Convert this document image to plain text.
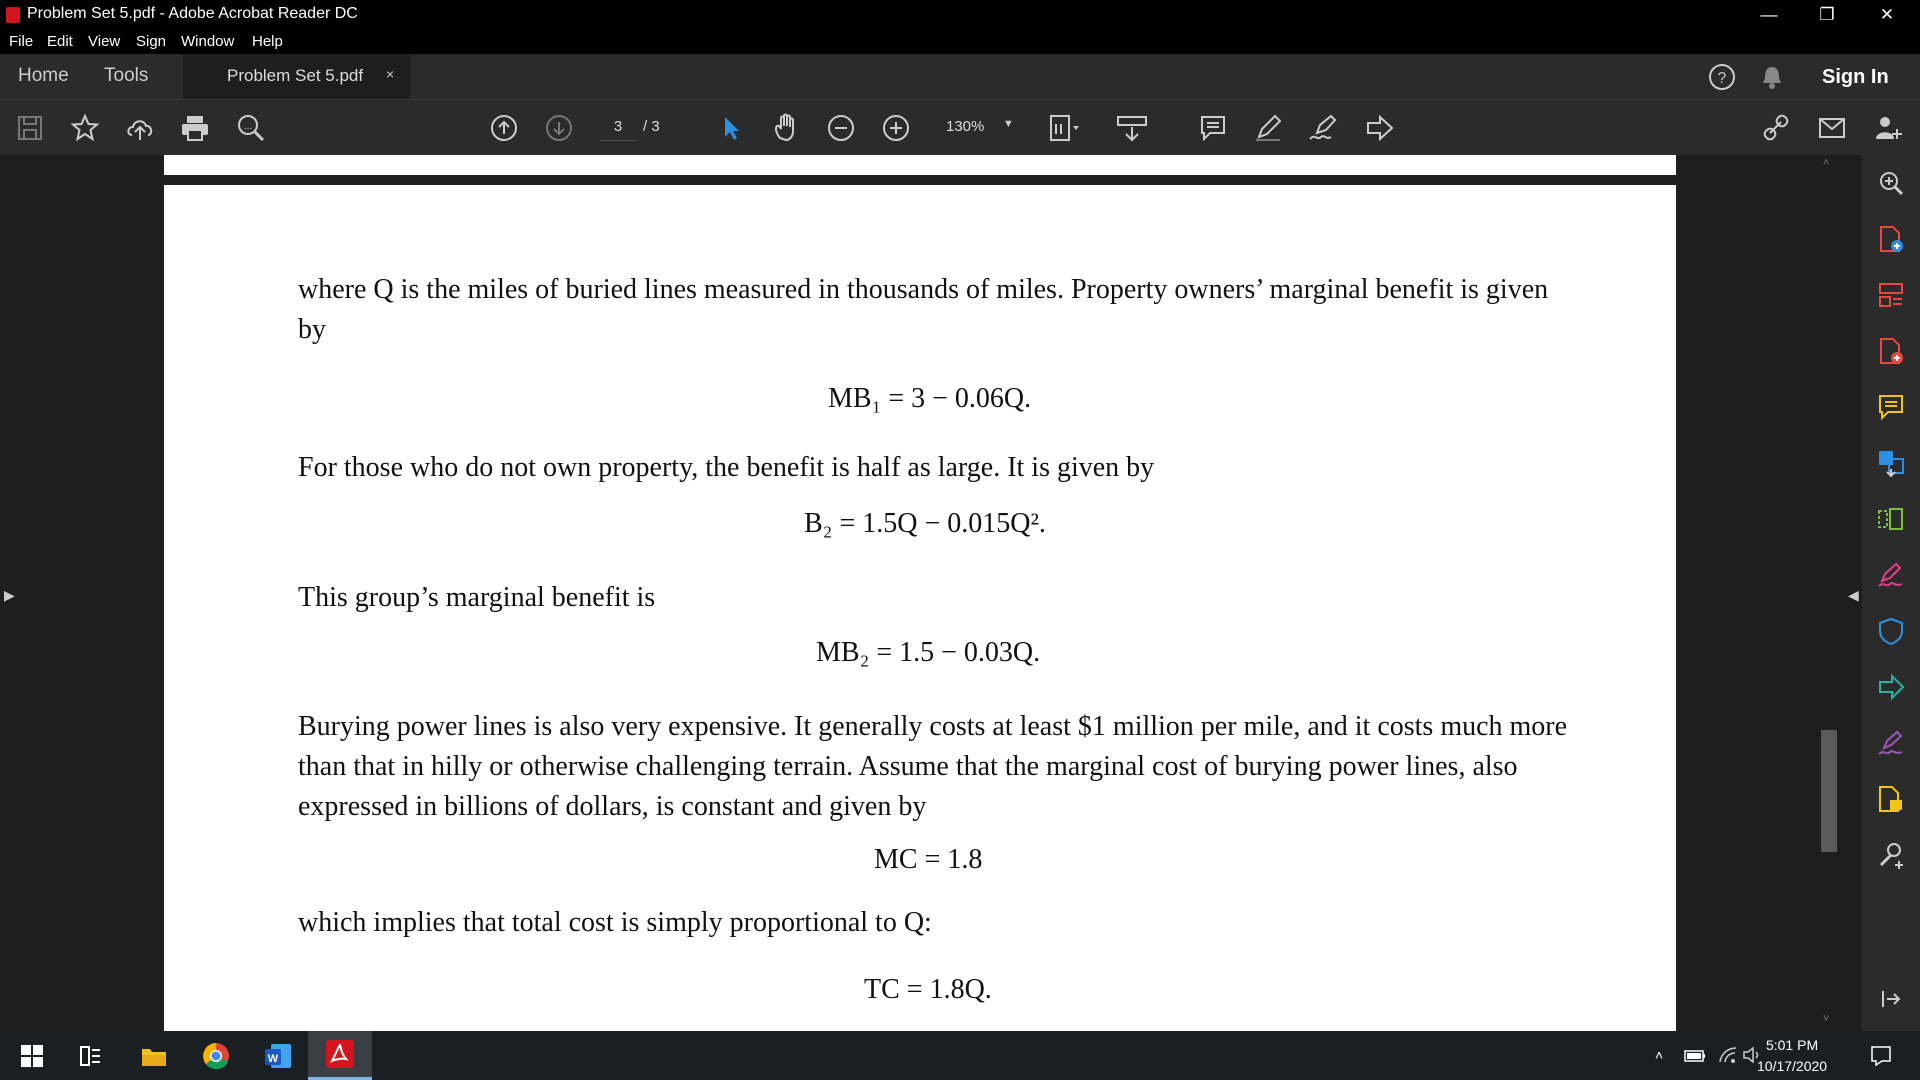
Problem Set 5.pdf - Adobe Acrobat Reader DC	—	❐	✕
File Edit View Sign Window Help
Home Tools	Problem Set 5.pdf ×	?	Sign In
...	3	/ 3	130% ▼
where Q is the miles of buried lines measured in thousands of miles. Property owners’ marginal benefit is given by
MB₁ = 3 − 0.06Q.
For those who do not own property, the benefit is half as large. It is given by
B₂ = 1.5Q − 0.015Q².
This group’s marginal benefit is
MB₂ = 1.5 − 0.03Q.
Burying power lines is also very expensive. It generally costs at least $1 million per mile, and it costs much more than that in hilly or otherwise challenging terrain. Assume that the marginal cost of burying power lines, also expressed in billions of dollars, is constant and given by
MC = 1.8
which implies that total cost is simply proportional to Q:
TC = 1.8Q.
▶
˄
˅
◀
W	˄
5:01 PM
10/17/2020
